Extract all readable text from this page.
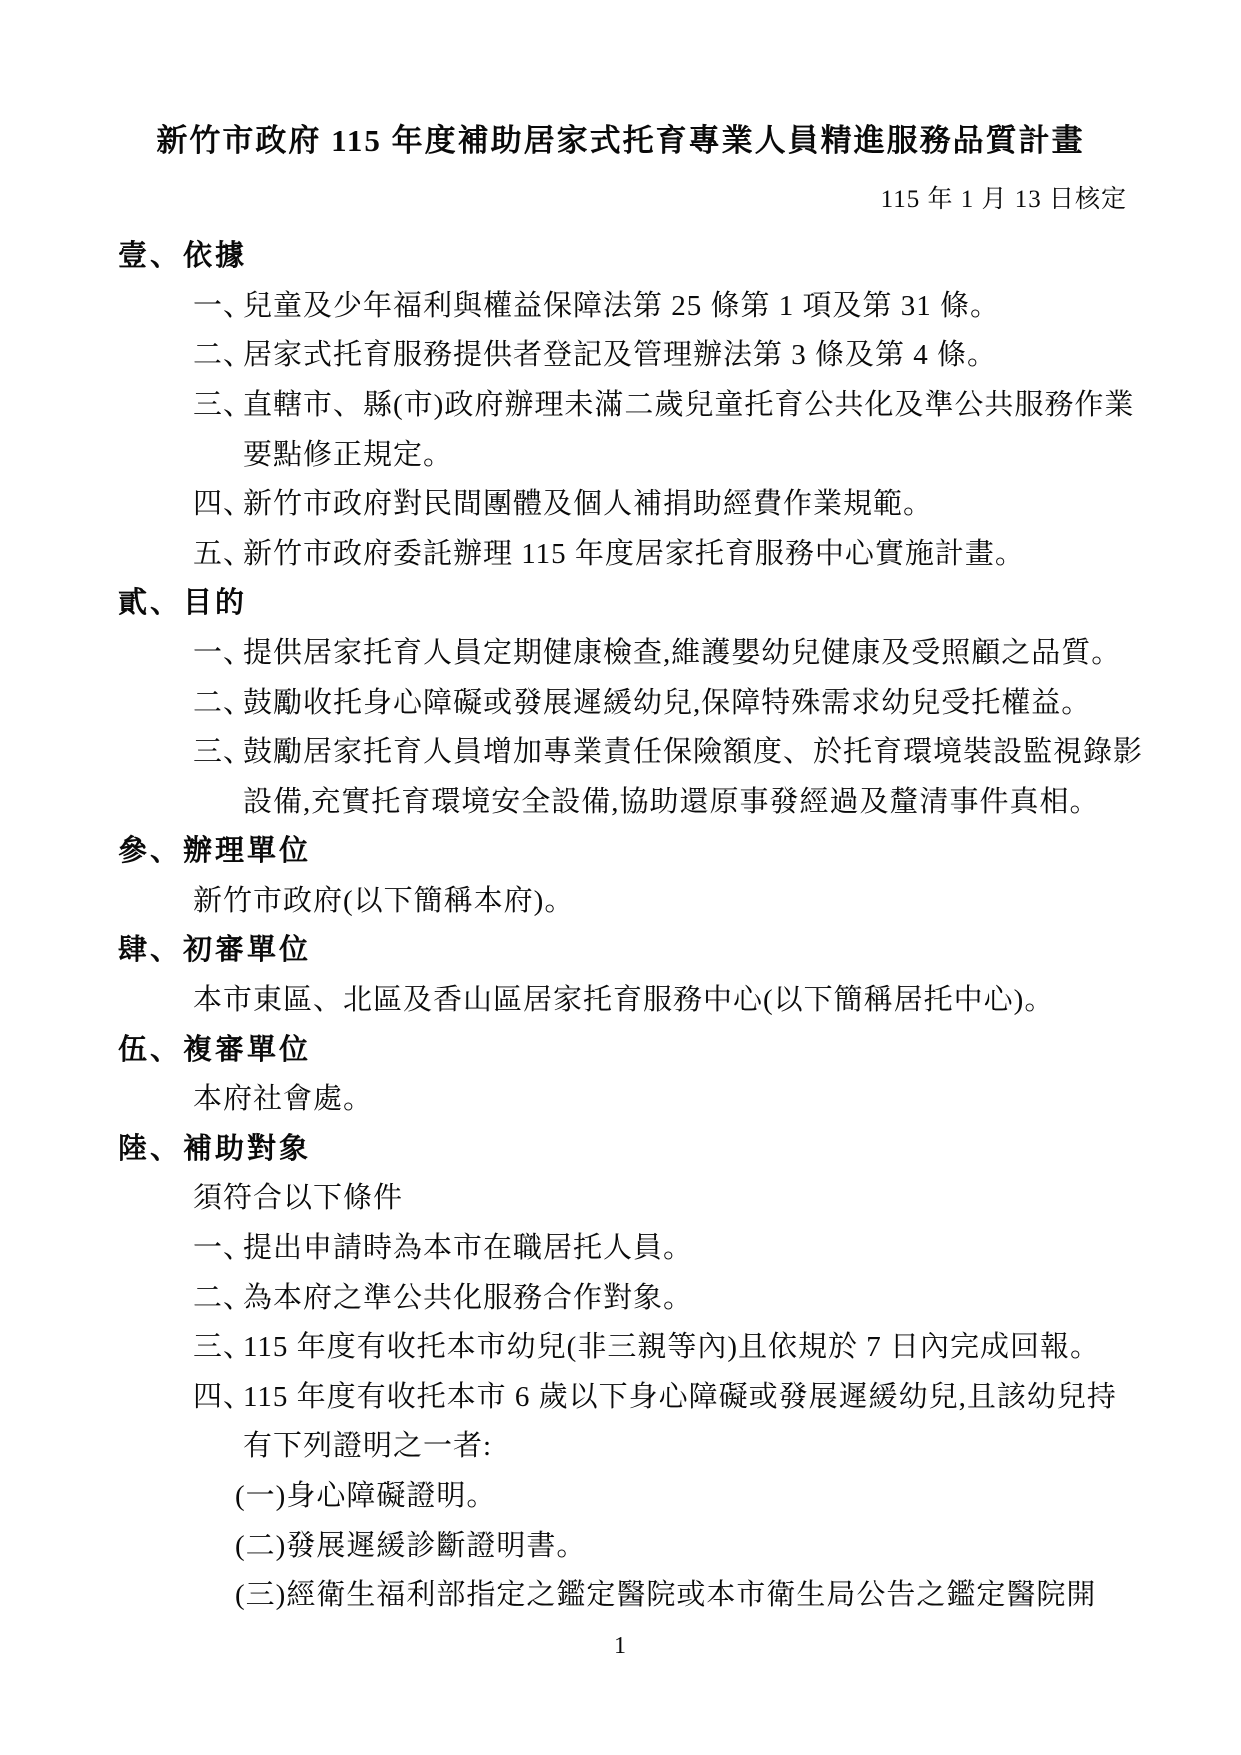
新竹市政府 115 年度補助居家式托育專業人員精進服務品質計畫
115 年 1 月 13 日核定
壹、依據
一、兒童及少年福利與權益保障法第 25 條第 1 項及第 31 條。
二、居家式托育服務提供者登記及管理辦法第 3 條及第 4 條。
三、直轄市、縣(市)政府辦理未滿二歲兒童托育公共化及準公共服務作業
要點修正規定。
四、新竹市政府對民間團體及個人補捐助經費作業規範。
五、新竹市政府委託辦理 115 年度居家托育服務中心實施計畫。
貳、目的
一、提供居家托育人員定期健康檢查,維護嬰幼兒健康及受照顧之品質。
二、鼓勵收托身心障礙或發展遲緩幼兒,保障特殊需求幼兒受托權益。
三、鼓勵居家托育人員增加專業責任保險額度、於托育環境裝設監視錄影
設備,充實托育環境安全設備,協助還原事發經過及釐清事件真相。
參、辦理單位
新竹市政府(以下簡稱本府)。
肆、初審單位
本市東區、北區及香山區居家托育服務中心(以下簡稱居托中心)。
伍、複審單位
本府社會處。
陸、補助對象
須符合以下條件
一、提出申請時為本市在職居托人員。
二、為本府之準公共化服務合作對象。
三、115 年度有收托本市幼兒(非三親等內)且依規於 7 日內完成回報。
四、115 年度有收托本市 6 歲以下身心障礙或發展遲緩幼兒,且該幼兒持
有下列證明之一者:
(一)身心障礙證明。
(二)發展遲緩診斷證明書。
(三)經衛生福利部指定之鑑定醫院或本市衛生局公告之鑑定醫院開
1
